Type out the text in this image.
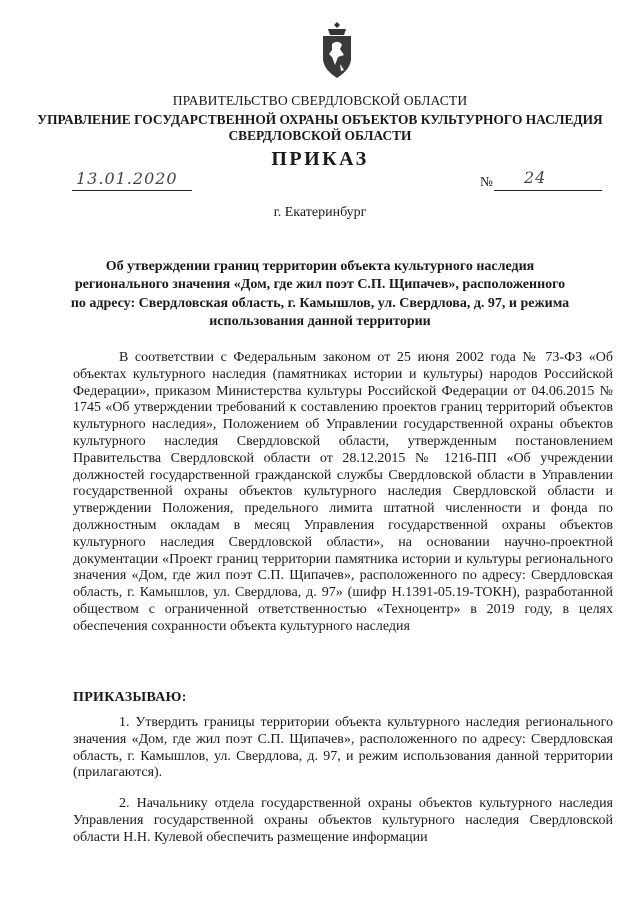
ПРАВИТЕЛЬСТВО СВЕРДЛОВСКОЙ ОБЛАСТИ
УПРАВЛЕНИЕ ГОСУДАРСТВЕННОЙ ОХРАНЫ ОБЪЕКТОВ КУЛЬТУРНОГО НАСЛЕДИЯ СВЕРДЛОВСКОЙ ОБЛАСТИ
ПРИКАЗ
13.01.2020	№ 24
г. Екатеринбург
Об утверждении границ территории объекта культурного наследия регионального значения «Дом, где жил поэт С.П. Щипачев», расположенного по адресу: Свердловская область, г. Камышлов, ул. Свердлова, д. 97, и режима использования данной территории
В соответствии с Федеральным законом от 25 июня 2002 года № 73-ФЗ «Об объектах культурного наследия (памятниках истории и культуры) народов Российской Федерации», приказом Министерства культуры Российской Федерации от 04.06.2015 № 1745 «Об утверждении требований к составлению проектов границ территорий объектов культурного наследия», Положением об Управлении государственной охраны объектов культурного наследия Свердловской области, утвержденным постановлением Правительства Свердловской области от 28.12.2015 № 1216-ПП «Об учреждении должностей государственной гражданской службы Свердловской области в Управлении государственной охраны объектов культурного наследия Свердловской области и утверждении Положения, предельного лимита штатной численности и фонда по должностным окладам в месяц Управления государственной охраны объектов культурного наследия Свердловской области», на основании научно-проектной документации «Проект границ территории памятника истории и культуры регионального значения «Дом, где жил поэт С.П. Щипачев», расположенного по адресу: Свердловская область, г. Камышлов, ул. Свердлова, д. 97» (шифр Н.1391-05.19-ТОКН), разработанной обществом с ограниченной ответственностью «Техноцентр» в 2019 году, в целях обеспечения сохранности объекта культурного наследия
ПРИКАЗЫВАЮ:
1. Утвердить границы территории объекта культурного наследия регионального значения «Дом, где жил поэт С.П. Щипачев», расположенного по адресу: Свердловская область, г. Камышлов, ул. Свердлова, д. 97, и режим использования данной территории (прилагаются).
2. Начальнику отдела государственной охраны объектов культурного наследия Управления государственной охраны объектов культурного наследия Свердловской области Н.Н. Кулевой обеспечить размещение информации
